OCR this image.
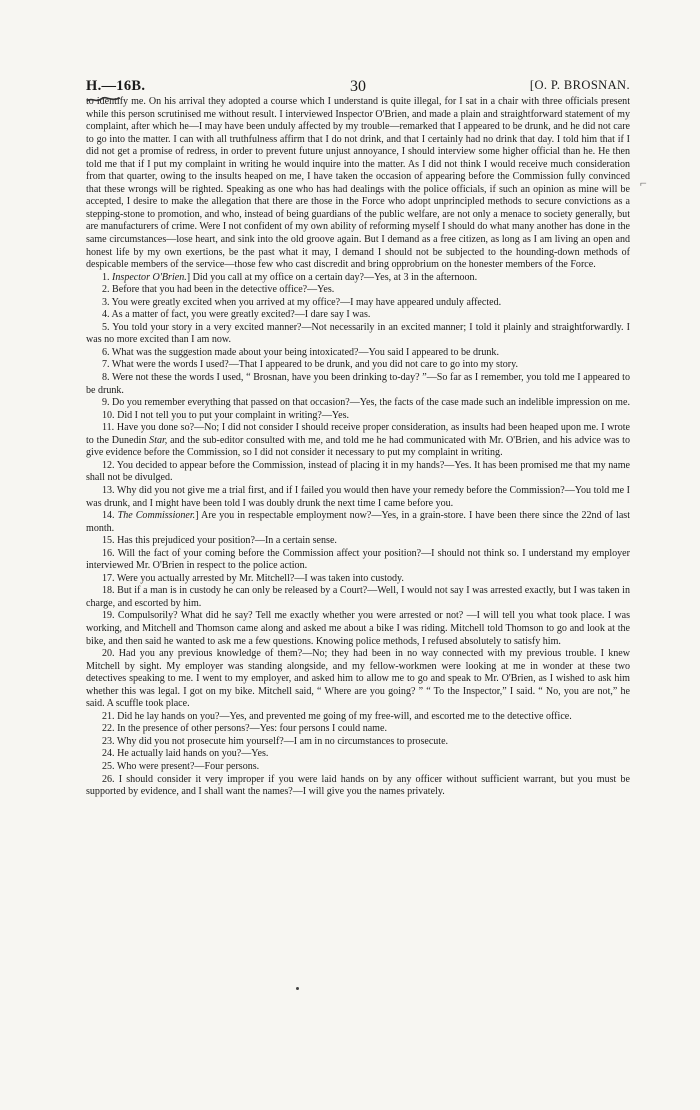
⌐
H.—16B.	30	[O. P. BROSNAN.

to identify me. On his arrival they adopted a course which I understand is quite illegal, for I sat in a chair with three officials present while this person scrutinised me without result. I interviewed Inspector O'Brien, and made a plain and straightforward statement of my complaint, after which he—I may have been unduly affected by my trouble—remarked that I appeared to be drunk, and he did not care to go into the matter. I can with all truthfulness affirm that I do not drink, and that I certainly had no drink that day. I told him that if I did not get a promise of redress, in order to prevent future unjust annoyance, I should interview some higher official than he. He then told me that if I put my complaint in writing he would inquire into the matter. As I did not think I would receive much consideration from that quarter, owing to the insults heaped on me, I have taken the occasion of appearing before the Commission fully convinced that these wrongs will be righted. Speaking as one who has had dealings with the police officials, if such an opinion as mine will be accepted, I desire to make the allegation that there are those in the Force who adopt unprincipled methods to secure convictions as a stepping-stone to promotion, and who, instead of being guardians of the public welfare, are not only a menace to society generally, but are manufacturers of crime. Were I not confident of my own ability of reforming myself I should do what many another has done in the same circumstances—lose heart, and sink into the old groove again. But I demand as a free citizen, as long as I am living an open and honest life by my own exertions, be the past what it may, I demand I should not be subjected to the hounding-down methods of despicable members of the service—those few who cast discredit and bring opprobrium on the honester members of the Force.

1. Inspector O'Brien.] Did you call at my office on a certain day?—Yes, at 3 in the afternoon.

2. Before that you had been in the detective office?—Yes.

3. You were greatly excited when you arrived at my office?—I may have appeared unduly affected.

4. As a matter of fact, you were greatly excited?—I dare say I was.

5. You told your story in a very excited manner?—Not necessarily in an excited manner; I told it plainly and straightforwardly. I was no more excited than I am now.

6. What was the suggestion made about your being intoxicated?—You said I appeared to be drunk.

7. What were the words I used?—That I appeared to be drunk, and you did not care to go into my story.

8. Were not these the words I used, “ Brosnan, have you been drinking to-day? ”—So far as I remember, you told me I appeared to be drunk.

9. Do you remember everything that passed on that occasion?—Yes, the facts of the case made such an indelible impression on me.

10. Did I not tell you to put your complaint in writing?—Yes.

11. Have you done so?—No; I did not consider I should receive proper consideration, as insults had been heaped upon me. I wrote to the Dunedin Star, and the sub-editor consulted with me, and told me he had communicated with Mr. O'Brien, and his advice was to give evidence before the Commission, so I did not consider it necessary to put my complaint in writing.

12. You decided to appear before the Commission, instead of placing it in my hands?—Yes. It has been promised me that my name shall not be divulged.

13. Why did you not give me a trial first, and if I failed you would then have your remedy before the Commission?—You told me I was drunk, and I might have been told I was doubly drunk the next time I came before you.

14. The Commissioner.] Are you in respectable employment now?—Yes, in a grain-store. I have been there since the 22nd of last month.

15. Has this prejudiced your position?—In a certain sense.

16. Will the fact of your coming before the Commission affect your position?—I should not think so. I understand my employer interviewed Mr. O'Brien in respect to the police action.

17. Were you actually arrested by Mr. Mitchell?—I was taken into custody.

18. But if a man is in custody he can only be released by a Court?—Well, I would not say I was arrested exactly, but I was taken in charge, and escorted by him.

19. Compulsorily? What did he say? Tell me exactly whether you were arrested or not? —I will tell you what took place. I was working, and Mitchell and Thomson came along and asked me about a bike I was riding. Mitchell told Thomson to go and look at the bike, and then said he wanted to ask me a few questions. Knowing police methods, I refused absolutely to satisfy him.

20. Had you any previous knowledge of them?—No; they had been in no way connected with my previous trouble. I knew Mitchell by sight. My employer was standing alongside, and my fellow-workmen were looking at me in wonder at these two detectives speaking to me. I went to my employer, and asked him to allow me to go and speak to Mr. O'Brien, as I wished to ask him whether this was legal. I got on my bike. Mitchell said, “ Where are you going? ” “ To the Inspector,” I said. “ No, you are not,” he said. A scuffle took place.

21. Did he lay hands on you?—Yes, and prevented me going of my free-will, and escorted me to the detective office.

22. In the presence of other persons?—Yes: four persons I could name.

23. Why did you not prosecute him yourself?—I am in no circumstances to prosecute.

24. He actually laid hands on you?—Yes.

25. Who were present?—Four persons.

26. I should consider it very improper if you were laid hands on by any officer without sufficient warrant, but you must be supported by evidence, and I shall want the names?—I will give you the names privately.
